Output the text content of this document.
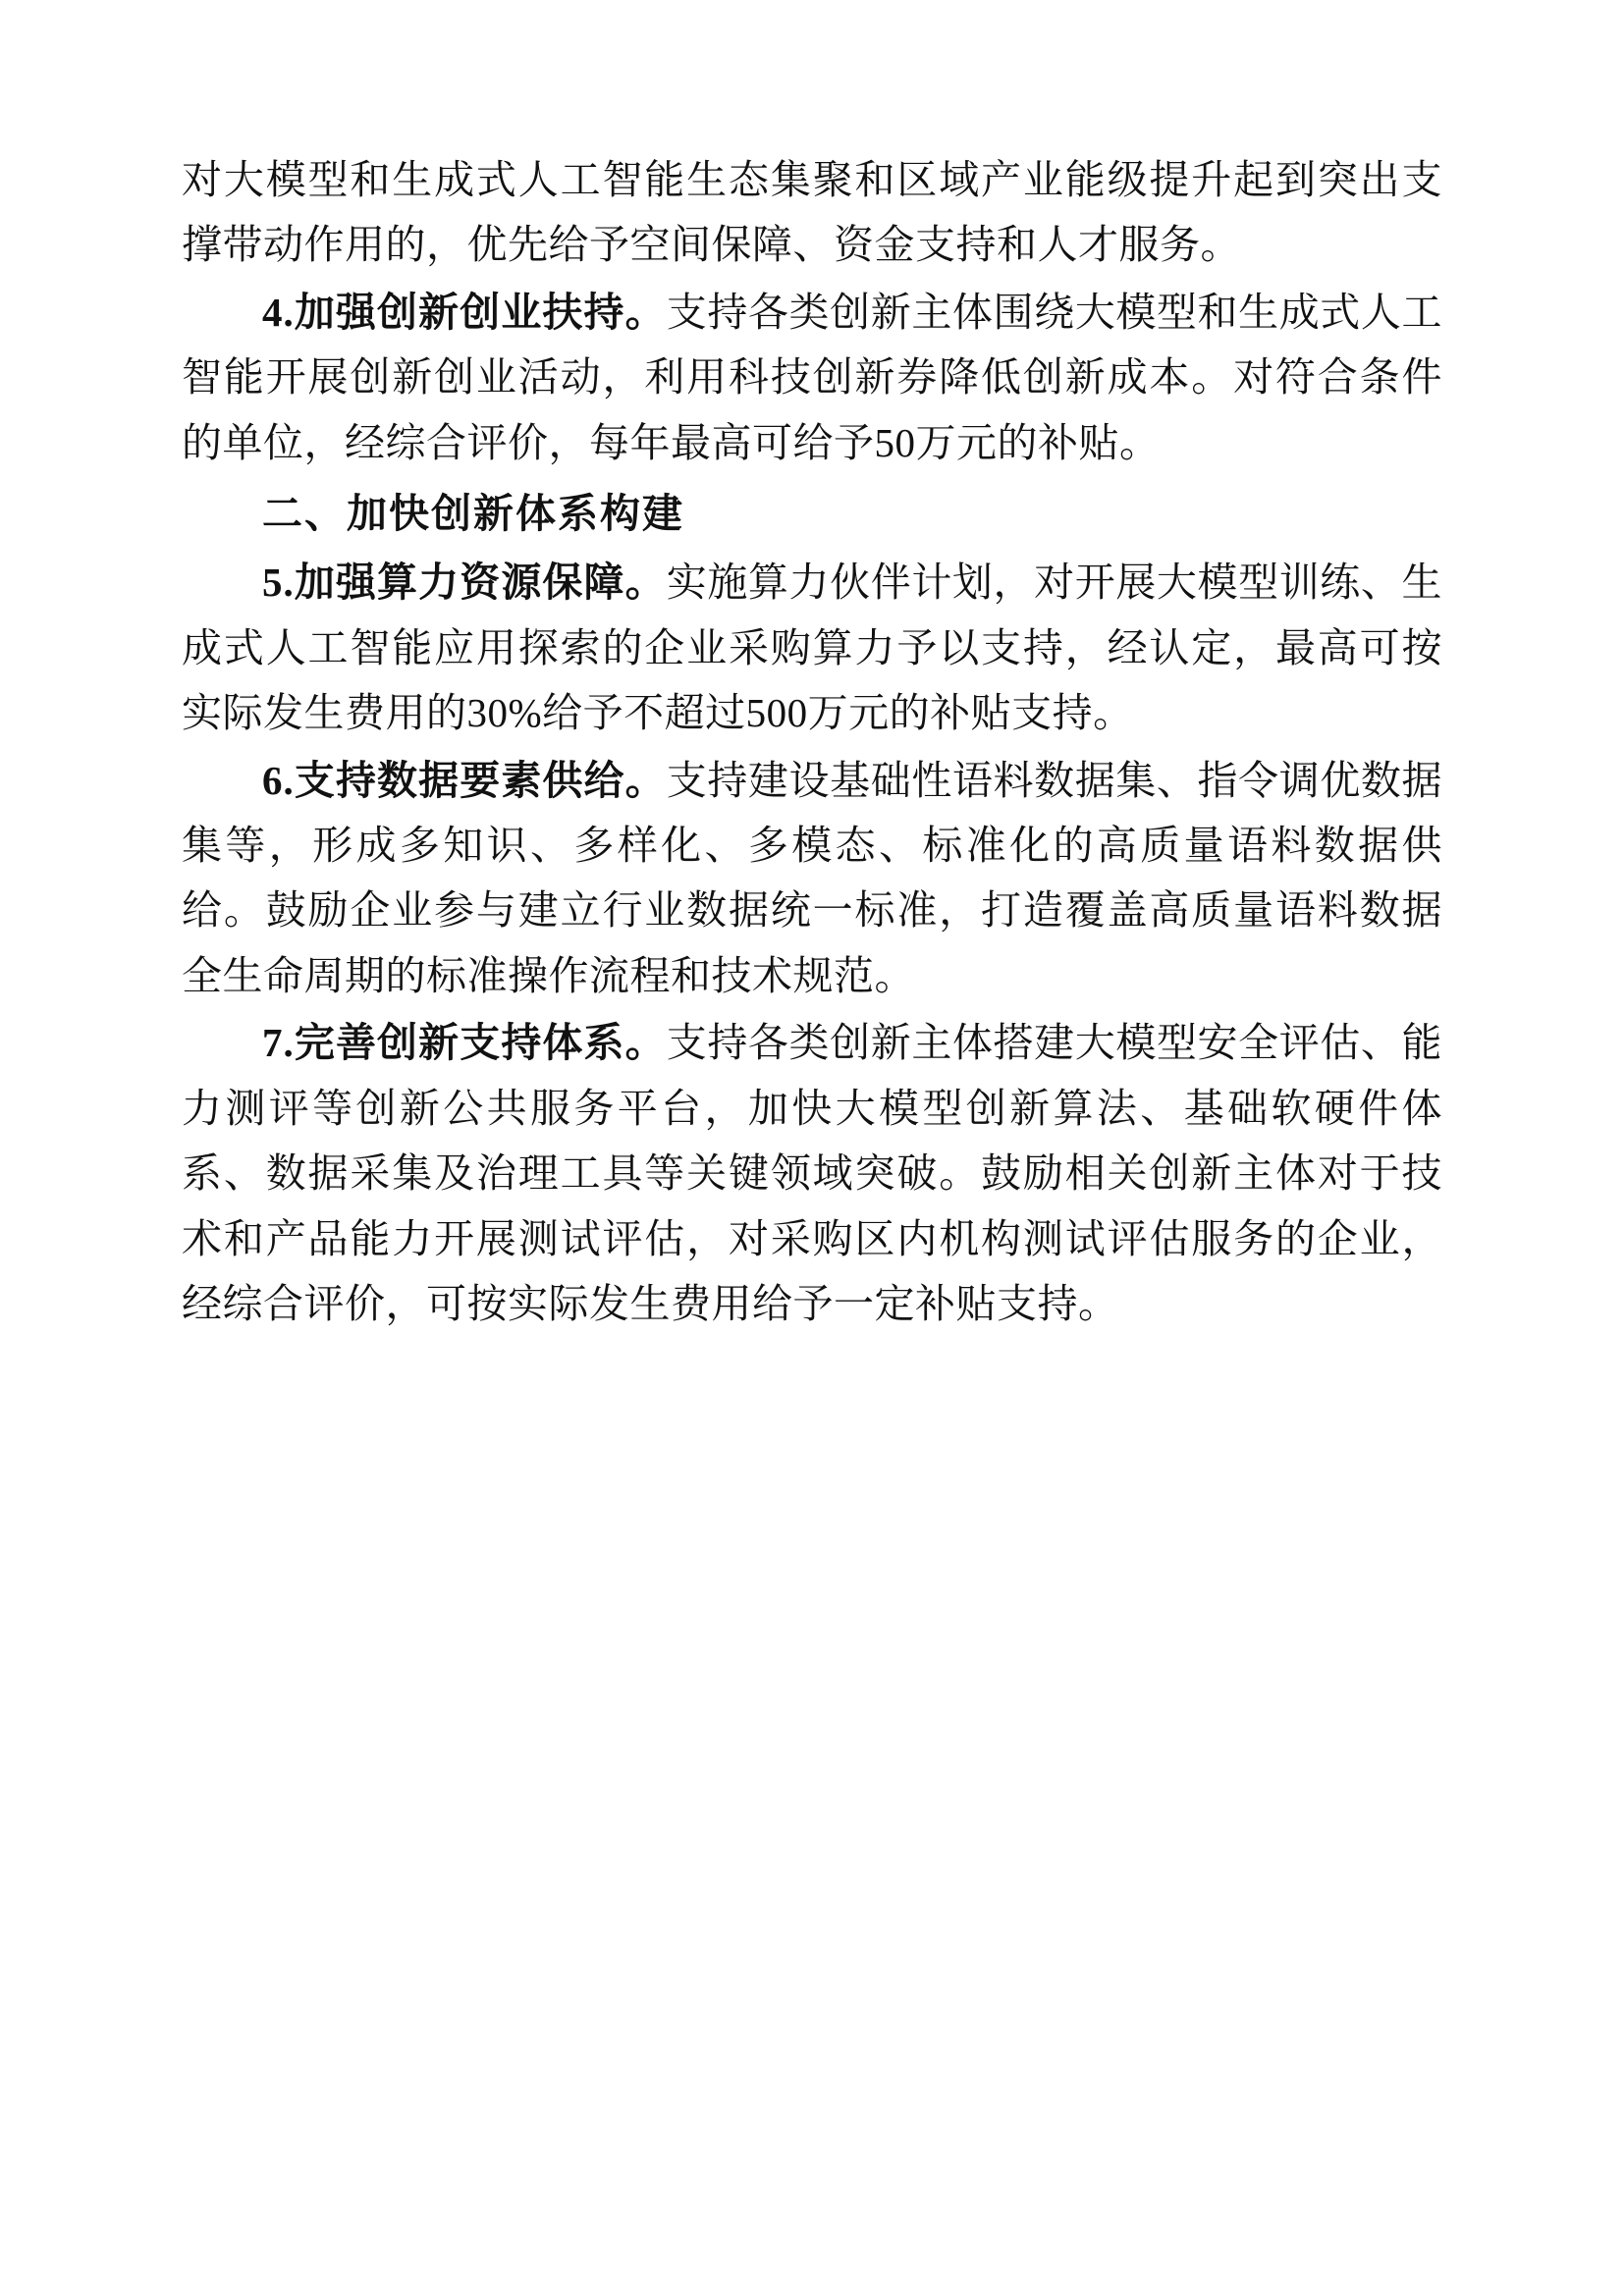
对大模型和生成式人工智能生态集聚和区域产业能级提升起到突出支撑带动作用的，优先给予空间保障、资金支持和人才服务。

4.加强创新创业扶持。支持各类创新主体围绕大模型和生成式人工智能开展创新创业活动，利用科技创新券降低创新成本。对符合条件的单位，经综合评价，每年最高可给予50万元的补贴。

二、加快创新体系构建

5.加强算力资源保障。实施算力伙伴计划，对开展大模型训练、生成式人工智能应用探索的企业采购算力予以支持，经认定，最高可按实际发生费用的30%给予不超过500万元的补贴支持。

6.支持数据要素供给。支持建设基础性语料数据集、指令调优数据集等，形成多知识、多样化、多模态、标准化的高质量语料数据供给。鼓励企业参与建立行业数据统一标准，打造覆盖高质量语料数据全生命周期的标准操作流程和技术规范。

7.完善创新支持体系。支持各类创新主体搭建大模型安全评估、能力测评等创新公共服务平台，加快大模型创新算法、基础软硬件体系、数据采集及治理工具等关键领域突破。鼓励相关创新主体对于技术和产品能力开展测试评估，对采购区内机构测试评估服务的企业，经综合评价，可按实际发生费用给予一定补贴支持。
